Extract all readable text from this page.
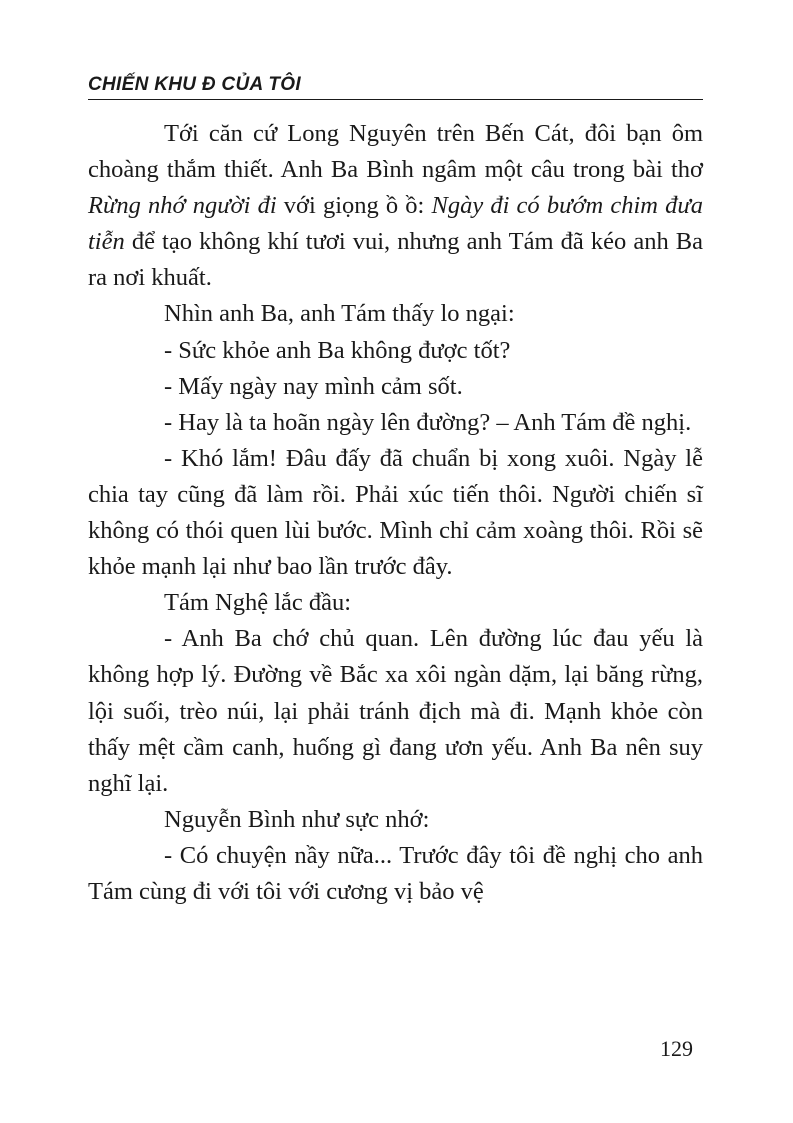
CHIẾN KHU Đ CỦA TÔI

Tới căn cứ Long Nguyên trên Bến Cát, đôi bạn ôm choàng thắm thiết. Anh Ba Bình ngâm một câu trong bài thơ Rừng nhớ người đi với giọng ồ ồ: Ngày đi có bướm chim đưa tiễn để tạo không khí tươi vui, nhưng anh Tám đã kéo anh Ba ra nơi khuất.

Nhìn anh Ba, anh Tám thấy lo ngại:

- Sức khỏe anh Ba không được tốt?

- Mấy ngày nay mình cảm sốt.

- Hay là ta hoãn ngày lên đường? – Anh Tám đề nghị.

- Khó lắm! Đâu đấy đã chuẩn bị xong xuôi. Ngày lễ chia tay cũng đã làm rồi. Phải xúc tiến thôi. Người chiến sĩ không có thói quen lùi bước. Mình chỉ cảm xoàng thôi. Rồi sẽ khỏe mạnh lại như bao lần trước đây.

Tám Nghệ lắc đầu:

- Anh Ba chớ chủ quan. Lên đường lúc đau yếu là không hợp lý. Đường về Bắc xa xôi ngàn dặm, lại băng rừng, lội suối, trèo núi, lại phải tránh địch mà đi. Mạnh khỏe còn thấy mệt cầm canh, huống gì đang ươn yếu. Anh Ba nên suy nghĩ lại.

Nguyễn Bình như sực nhớ:

- Có chuyện nầy nữa... Trước đây tôi đề nghị cho anh Tám cùng đi với tôi với cương vị bảo vệ

129
